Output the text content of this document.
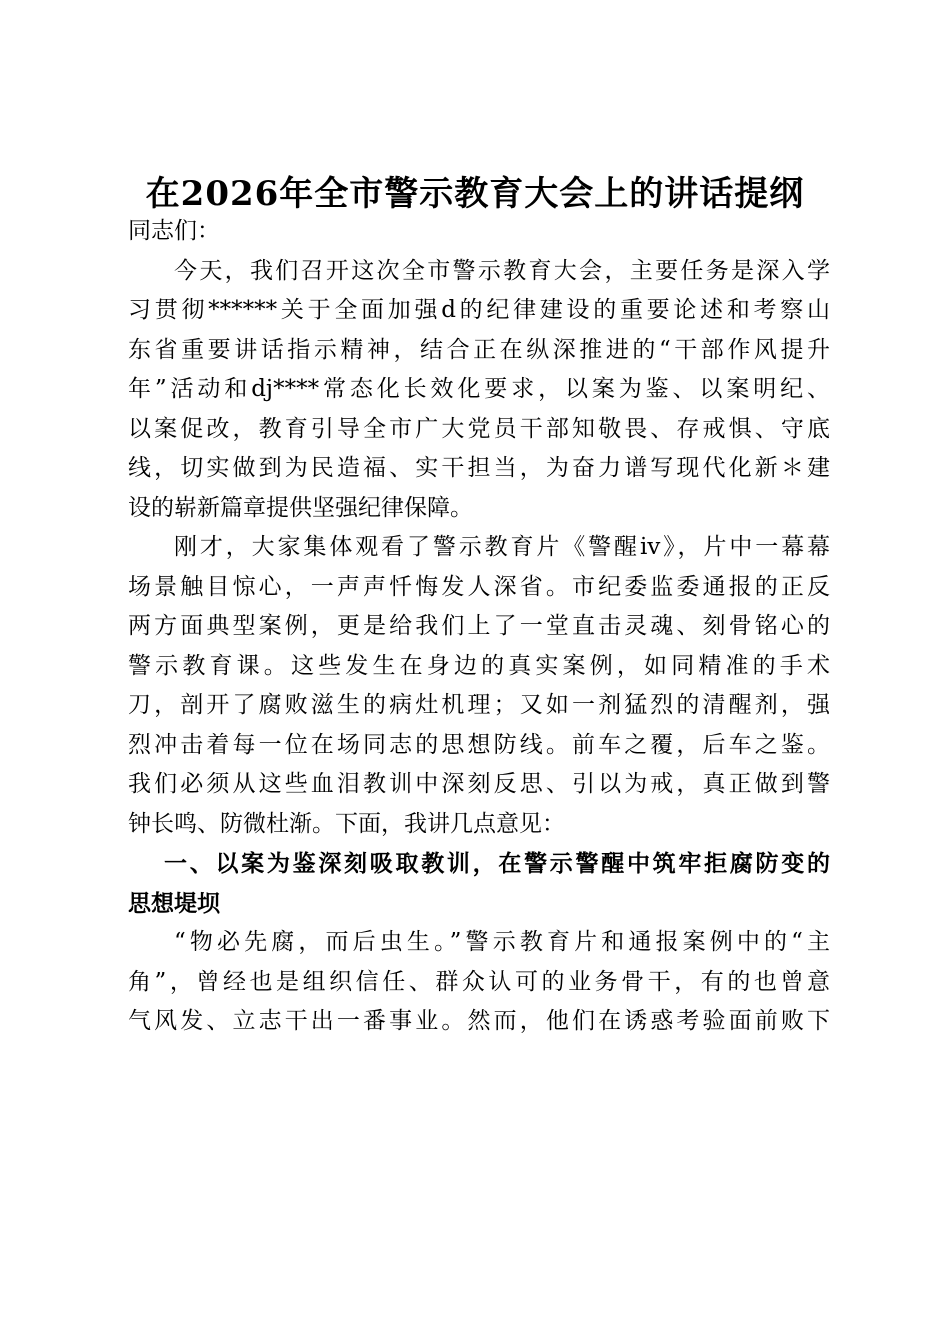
在2026年全市警示教育大会上的讲话提纲
同志们：
今天，我们召开这次全市警示教育大会，主要任务是深入学
习贯彻******关于全面加强d的纪律建设的重要论述和考察山
东省重要讲话指示精神，结合正在纵深推进的“干部作风提升
年”活动和dj****常态化长效化要求，以案为鉴、以案明纪、
以案促改，教育引导全市广大党员干部知敬畏、存戒惧、守底
线，切实做到为民造福、实干担当，为奋力谱写现代化新＊建
设的崭新篇章提供坚强纪律保障。
刚才，大家集体观看了警示教育片《警醒ⅳ》，片中一幕幕
场景触目惊心，一声声忏悔发人深省。市纪委监委通报的正反
两方面典型案例，更是给我们上了一堂直击灵魂、刻骨铭心的
警示教育课。这些发生在身边的真实案例，如同精准的手术
刀，剖开了腐败滋生的病灶机理；又如一剂猛烈的清醒剂，强
烈冲击着每一位在场同志的思想防线。前车之覆，后车之鉴。
我们必须从这些血泪教训中深刻反思、引以为戒，真正做到警
钟长鸣、防微杜渐。下面，我讲几点意见：
一、以案为鉴深刻吸取教训，在警示警醒中筑牢拒腐防变的
思想堤坝
“物必先腐，而后虫生。”警示教育片和通报案例中的“主
角”，曾经也是组织信任、群众认可的业务骨干，有的也曾意
气风发、立志干出一番事业。然而，他们在诱惑考验面前败下
